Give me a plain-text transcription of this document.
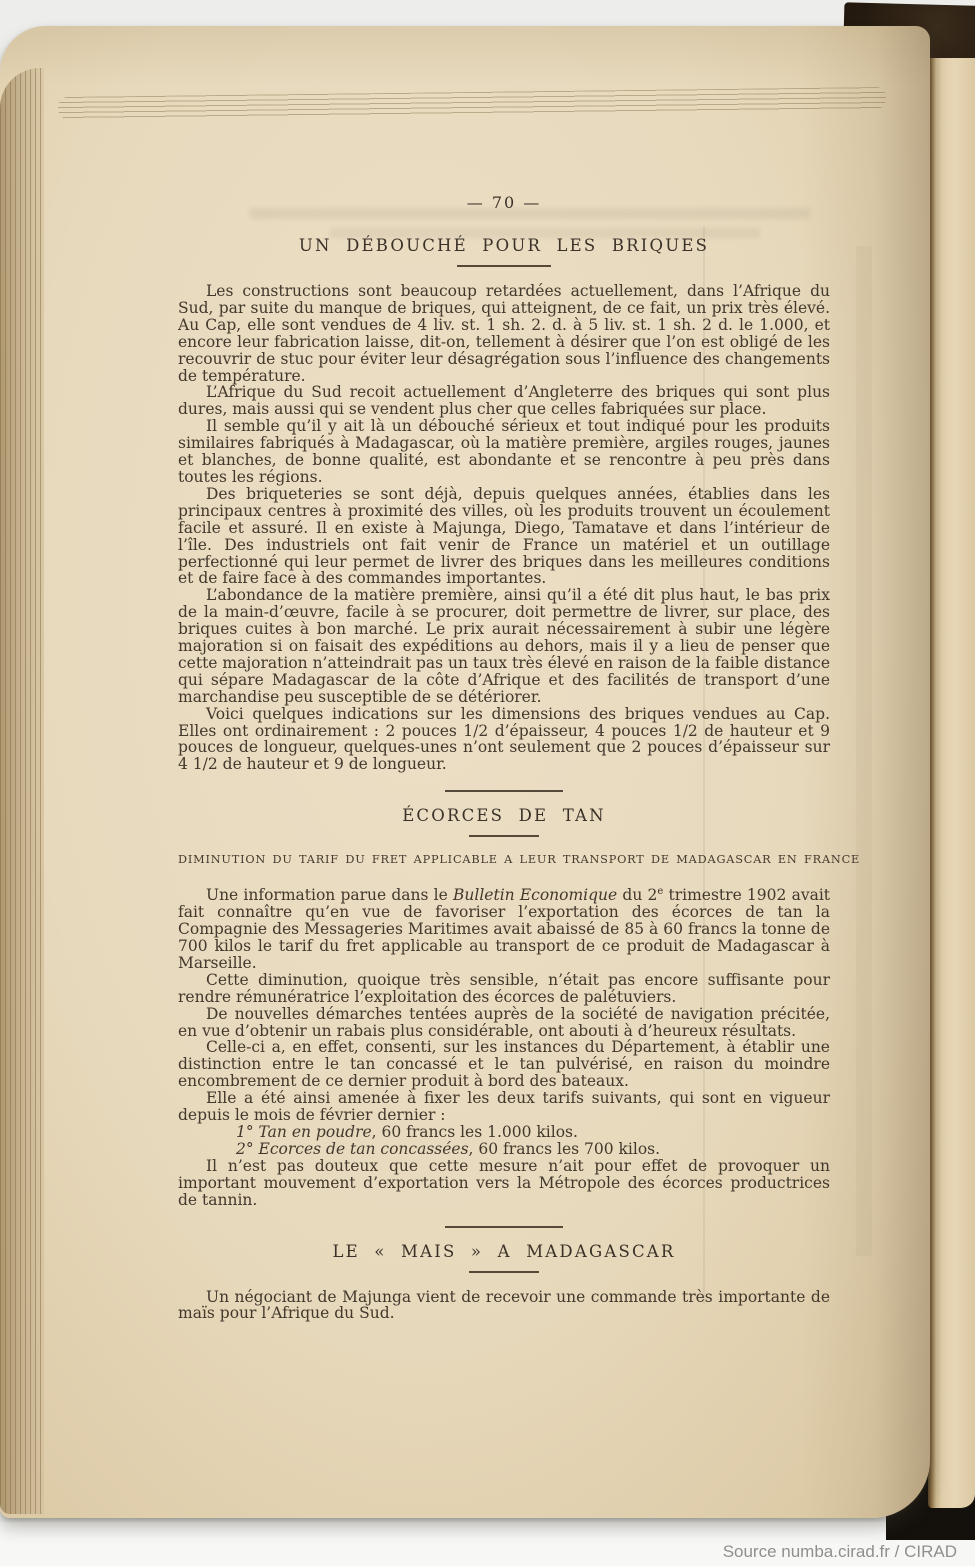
— 70 —
UN DÉBOUCHÉ POUR LES BRIQUES

Les constructions sont beaucoup retardées actuellement, dans l’Afrique du Sud, par suite du manque de briques, qui atteignent, de ce fait, un prix très élevé. Au Cap, elle sont vendues de 4 liv. st. 1 sh. 2. d. à 5 liv. st. 1 sh. 2 d. le 1.000, et encore leur fabrication laisse, dit-on, tellement à désirer que l’on est obligé de les recouvrir de stuc pour éviter leur désagrégation sous l’influence des changements de température.

L’Afrique du Sud recoit actuellement d’Angleterre des briques qui sont plus dures, mais aussi qui se vendent plus cher que celles fabriquées sur place.

Il semble qu’il y ait là un débouché sérieux et tout indiqué pour les produits similaires fabriqués à Madagascar, où la matière première, argiles rouges, jaunes et blanches, de bonne qualité, est abondante et se rencontre à peu près dans toutes les régions.

Des briqueteries se sont déjà, depuis quelques années, établies dans les principaux centres à proximité des villes, où les produits trouvent un écoulement facile et assuré. Il en existe à Majunga, Diego, Tamatave et dans l’intérieur de l’île. Des industriels ont fait venir de France un matériel et un outillage perfectionné qui leur permet de livrer des briques dans les meilleures conditions et de faire face à des commandes importantes.

L’abondance de la matière première, ainsi qu’il a été dit plus haut, le bas prix de la main-d’œuvre, facile à se procurer, doit permettre de livrer, sur place, des briques cuites à bon marché. Le prix aurait nécessairement à subir une légère majoration si on faisait des expéditions au dehors, mais il y a lieu de penser que cette majoration n’atteindrait pas un taux très élevé en raison de la faible distance qui sépare Madagascar de la côte d’Afrique et des facilités de transport d’une marchandise peu susceptible de se détériorer.

Voici quelques indications sur les dimensions des briques vendues au Cap. Elles ont ordinairement : 2 pouces 1/2 d’épaisseur, 4 pouces 1/2 de hauteur et 9 pouces de longueur, quelques-unes n’ont seulement que 2 pouces d’épaisseur sur 4 1/2 de hauteur et 9 de longueur.

ÉCORCES DE TAN
DIMINUTION DU TARIF DU FRET APPLICABLE A LEUR TRANSPORT DE MADAGASCAR EN FRANCE

Une information parue dans le Bulletin Economique du 2e trimestre 1902 avait fait connaître qu’en vue de favoriser l’exportation des écorces de tan la Compagnie des Messageries Maritimes avait abaissé de 85 à 60 francs la tonne de 700 kilos le tarif du fret applicable au transport de ce produit de Madagascar à Marseille.

Cette diminution, quoique très sensible, n’était pas encore suffisante pour rendre rémunératrice l’exploitation des écorces de palétuviers.

De nouvelles démarches tentées auprès de la société de navigation précitée, en vue d’obtenir un rabais plus considérable, ont abouti à d’heureux résultats.

Celle-ci a, en effet, consenti, sur les instances du Département, à établir une distinction entre le tan concassé et le tan pulvérisé, en raison du moindre encombrement de ce dernier produit à bord des bateaux.

Elle a été ainsi amenée à fixer les deux tarifs suivants, qui sont en vigueur depuis le mois de février dernier :

1° Tan en poudre, 60 francs les 1.000 kilos.

2° Ecorces de tan concassées, 60 francs les 700 kilos.

Il n’est pas douteux que cette mesure n’ait pour effet de provoquer un important mouvement d’exportation vers la Métropole des écorces productrices de tannin.

LE « MAIS » A MADAGASCAR

Un négociant de Majunga vient de recevoir une commande très importante de maïs pour l’Afrique du Sud.

Source numba.cirad.fr / CIRAD
